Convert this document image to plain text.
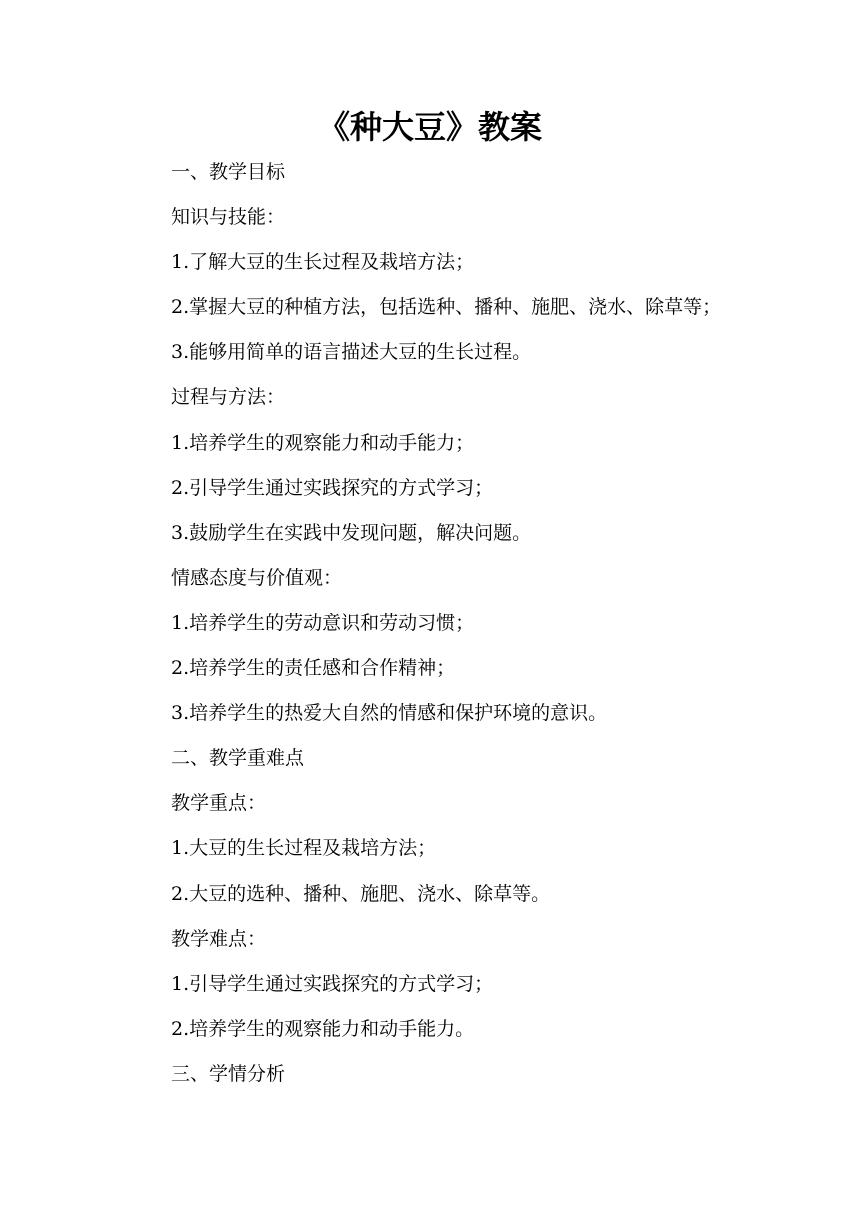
《种大豆》教案
一、教学目标
知识与技能：
1.了解大豆的生长过程及栽培方法；
2.掌握大豆的种植方法，包括选种、播种、施肥、浇水、除草等；
3.能够用简单的语言描述大豆的生长过程。
过程与方法：
1.培养学生的观察能力和动手能力；
2.引导学生通过实践探究的方式学习；
3.鼓励学生在实践中发现问题，解决问题。
情感态度与价值观：
1.培养学生的劳动意识和劳动习惯；
2.培养学生的责任感和合作精神；
3.培养学生的热爱大自然的情感和保护环境的意识。
二、教学重难点
教学重点：
1.大豆的生长过程及栽培方法；
2.大豆的选种、播种、施肥、浇水、除草等。
教学难点：
1.引导学生通过实践探究的方式学习；
2.培养学生的观察能力和动手能力。
三、学情分析
